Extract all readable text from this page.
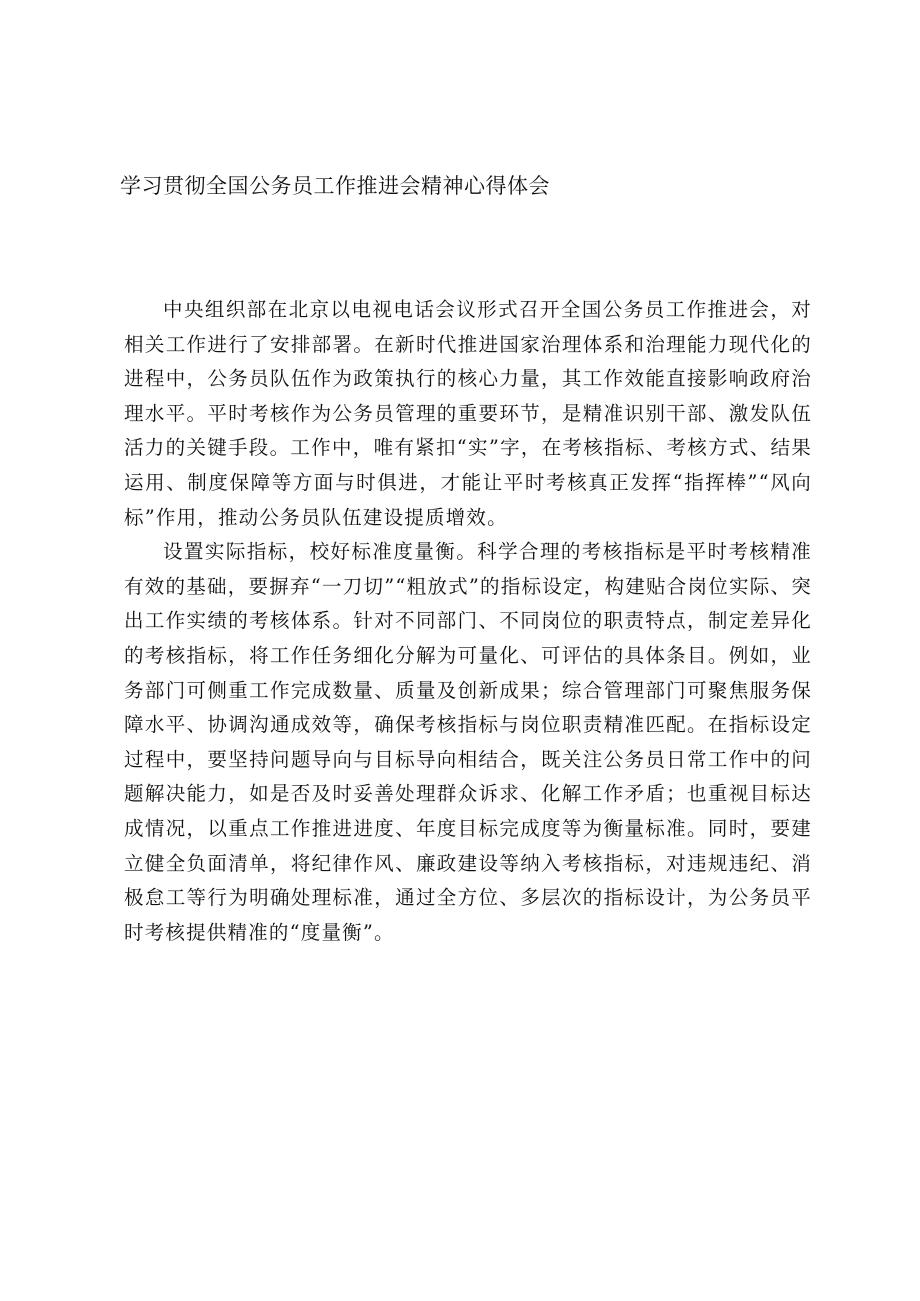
学习贯彻全国公务员工作推进会精神心得体会

中央组织部在北京以电视电话会议形式召开全国公务员工作推进会，对相关工作进行了安排部署。在新时代推进国家治理体系和治理能力现代化的进程中，公务员队伍作为政策执行的核心力量，其工作效能直接影响政府治理水平。平时考核作为公务员管理的重要环节，是精准识别干部、激发队伍活力的关键手段。工作中，唯有紧扣“实”字，在考核指标、考核方式、结果运用、制度保障等方面与时俱进，才能让平时考核真正发挥“指挥棒”“风向标”作用，推动公务员队伍建设提质增效。

设置实际指标，校好标准度量衡。科学合理的考核指标是平时考核精准有效的基础，要摒弃“一刀切”“粗放式”的指标设定，构建贴合岗位实际、突出工作实绩的考核体系。针对不同部门、不同岗位的职责特点，制定差异化的考核指标，将工作任务细化分解为可量化、可评估的具体条目。例如，业务部门可侧重工作完成数量、质量及创新成果；综合管理部门可聚焦服务保障水平、协调沟通成效等，确保考核指标与岗位职责精准匹配。在指标设定过程中，要坚持问题导向与目标导向相结合，既关注公务员日常工作中的问题解决能力，如是否及时妥善处理群众诉求、化解工作矛盾；也重视目标达成情况，以重点工作推进进度、年度目标完成度等为衡量标准。同时，要建立健全负面清单，将纪律作风、廉政建设等纳入考核指标，对违规违纪、消极怠工等行为明确处理标准，通过全方位、多层次的指标设计，为公务员平时考核提供精准的“度量衡”。
